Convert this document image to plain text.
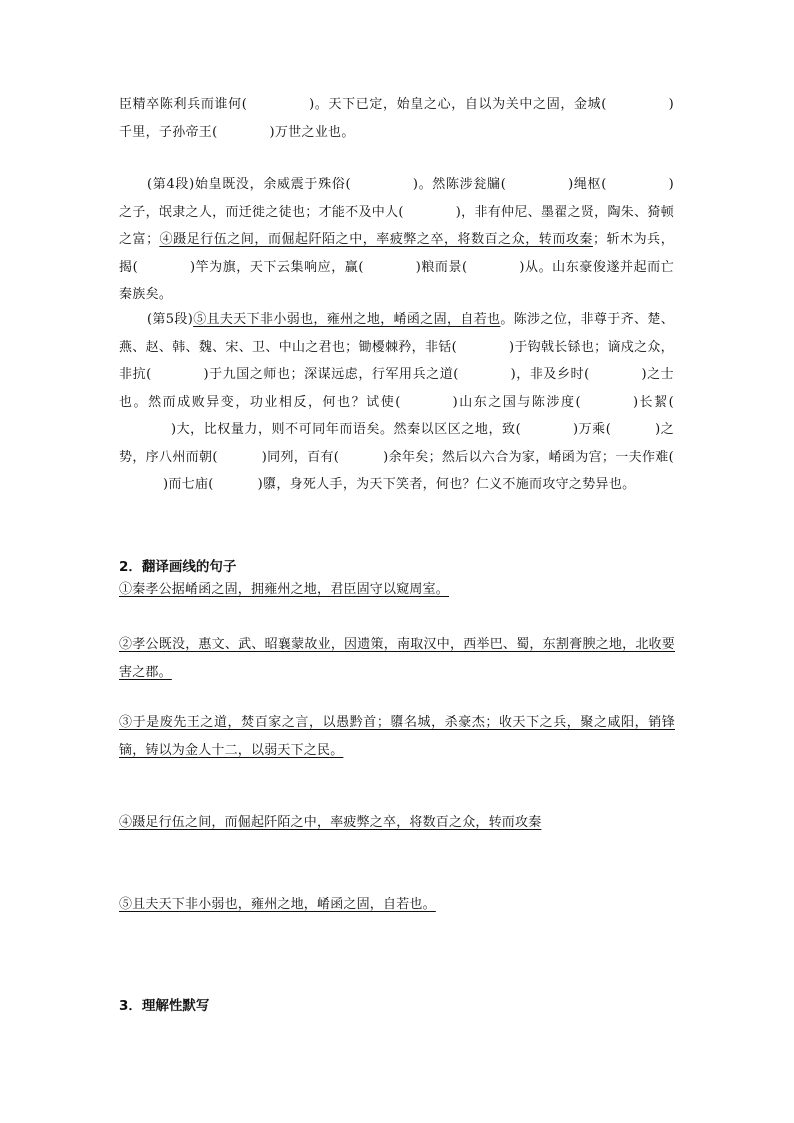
臣精卒陈利兵而谁何(	)。天下已定，始皇之心，自以为关中之固，金城(	)千里，子孙帝王(	)万世之业也。

(第4段)始皇既没，余威震于殊俗(	)。然陈涉瓮牖(	)绳枢(	)之子，氓隶之人，而迁徙之徒也；才能不及中人(	)，非有仲尼、墨翟之贤，陶朱、猗顿之富；④蹑足行伍之间，而倔起阡陌之中，率疲弊之卒，将数百之众，转而攻秦；斩木为兵，揭(	)竿为旗，天下云集响应，赢(	)粮而景(	)从。山东豪俊遂并起而亡秦族矣。

(第5段)⑤且夫天下非小弱也，雍州之地，崤函之固，自若也。陈涉之位，非尊于齐、楚、燕、赵、韩、魏、宋、卫、中山之君也；锄櫌棘矜，非铦(	)于钩戟长铩也；谪戍之众，非抗(	)于九国之师也；深谋远虑，行军用兵之道(	)，非及乡时(	)之士也。然而成败异变，功业相反，何也？试使(	)山东之国与陈涉度(	)长絜()大，比权量力，则不可同年而语矣。然秦以区区之地，致(	)万乘(	)之势，序八州而朝(	)同列，百有(	)余年矣；然后以六合为家，崤函为宫；一夫作难()而七庙(	)隳，身死人手，为天下笑者，何也？仁义不施而攻守之势异也。

2．翻译画线的句子

①秦孝公据崤函之固，拥雍州之地，君臣固守以窥周室。

②孝公既没，惠文、武、昭襄蒙故业，因遗策，南取汉中，西举巴、蜀，东割膏腴之地，北收要害之郡。

③于是废先王之道，焚百家之言，以愚黔首；隳名城，杀豪杰；收天下之兵，聚之咸阳，销锋镝，铸以为金人十二，以弱天下之民。

④蹑足行伍之间，而倔起阡陌之中，率疲弊之卒，将数百之众，转而攻秦

⑤且夫天下非小弱也，雍州之地，崤函之固，自若也。

3．理解性默写
